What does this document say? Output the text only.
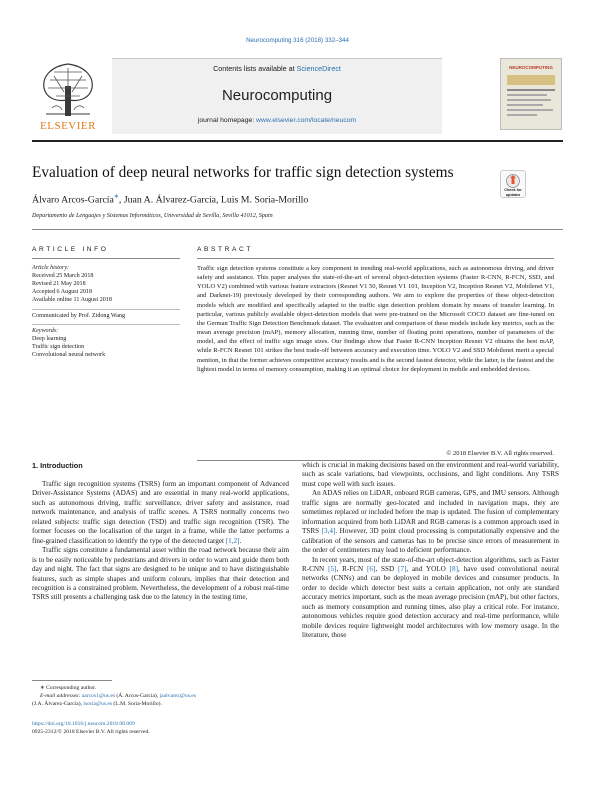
Neurocomputing 316 (2018) 332–344
ELSEVIER
Contents lists available at ScienceDirect
Neurocomputing
journal homepage: www.elsevier.com/locate/neucom
NEUROCOMPUTING
Evaluation of deep neural networks for traffic sign detection systems
Check for
updates
Álvaro Arcos-García∗, Juan A. Álvarez-García, Luis M. Soria-Morillo
Departamento de Lenguajes y Sistemas Informáticos, Universidad de Sevilla, Sevilla 41012, Spain
ARTICLE INFO	ABSTRACT
Article history:
Received 25 March 2018
Revised 21 May 2018
Accepted 6 August 2018
Available online 11 August 2018
Communicated by Prof. Zidong Wang
Keywords:
Deep learning
Traffic sign detection
Convolutional neural network
Traffic sign detection systems constitute a key component in trending real-world applications, such as autonomous driving, and driver safety and assistance. This paper analyses the state-of-the-art of several object-detection systems (Faster R-CNN, R-FCN, SSD, and YOLO V2) combined with various feature extractors (Resnet V1 50, Resnet V1 101, Inception V2, Inception Resnet V2, Mobilenet V1, and Darknet-19) previously developed by their corresponding authors. We aim to explore the properties of these object-detection models which are modified and specifically adapted to the traffic sign detection problem domain by means of transfer learning. In particular, various publicly available object-detection models that were pre-trained on the Microsoft COCO dataset are fine-tuned on the German Traffic Sign Detection Benchmark dataset. The evaluation and comparison of these models include key metrics, such as the mean average precision (mAP), memory allocation, running time, number of floating point operations, number of parameters of the model, and the effect of traffic sign image sizes. Our findings show that Faster R-CNN Inception Resnet V2 obtains the best mAP, while R-FCN Resnet 101 strikes the best trade-off between accuracy and execution time. YOLO V2 and SSD Mobilenet merit a special mention, in that the former achieves competitive accuracy results and is the second fastest detector, while the latter, is the fastest and the lightest model in terms of memory consumption, making it an optimal choice for deployment in mobile and embedded devices.
© 2018 Elsevier B.V. All rights reserved.
1. Introduction

Traffic sign recognition systems (TSRS) form an important component of Advanced Driver-Assistance Systems (ADAS) and are essential in many real-world applications, such as autonomous driving, traffic surveillance, driver safety and assistance, road network maintenance, and analysis of traffic scenes. A TSRS normally concerns two related subjects: traffic sign detection (TSD) and traffic sign recognition (TSR). The former focuses on the localisation of the target in a frame, while the latter performs a fine-grained classification to identify the type of the detected target [1,2].

Traffic signs constitute a fundamental asset within the road network because their aim is to be easily noticeable by pedestrians and drivers in order to warn and guide them both day and night. The fact that signs are designed to be unique and to have distinguishable features, such as simple shapes and uniform colours, implies that their detection and recognition is a constrained problem. Nevertheless, the development of a robust real-time TSRS still presents a challenging task due to the latency in the testing time,

which is crucial in making decisions based on the environment and real-world variability, such as scale variations, bad viewpoints, occlusions, and light conditions. Any TSRS must cope well with such issues.

An ADAS relies on LiDAR, onboard RGB cameras, GPS, and IMU sensors. Although traffic signs are normally geo-located and included in navigation maps, they are sometimes replaced or included before the map is updated. The fusion of complementary information acquired from both LiDAR and RGB cameras is a common approach used in TSRS [3,4]. However, 3D point cloud processing is computationally expensive and the calibration of the sensors and cameras has to be precise since errors of measurement in the order of centimeters may lead to deficient performance.

In recent years, most of the state-of-the-art object-detection algorithms, such as Faster R-CNN [5], R-FCN [6], SSD [7], and YOLO [8], have used convolutional neural networks (CNNs) and can be deployed in mobile devices and consumer products. In order to decide which detector best suits a certain application, not only are standard accuracy metrics important, such as the mean average precision (mAP), but other factors, such as memory consumption and running times, also play a critical role. For instance, autonomous vehicles require good detection accuracy and real-time performance, while mobile devices require lightweight model architectures with low memory usage. In the literature, those

∗ Corresponding author.
E-mail addresses: aarcos1@us.es (Á. Arcos-García), jaalvarez@us.es
(J.A. Álvarez-García), lsoria@us.es (L.M. Soria-Morillo).
https://doi.org/10.1016/j.neucom.2018.08.009
0925-2312/© 2018 Elsevier B.V. All rights reserved.
